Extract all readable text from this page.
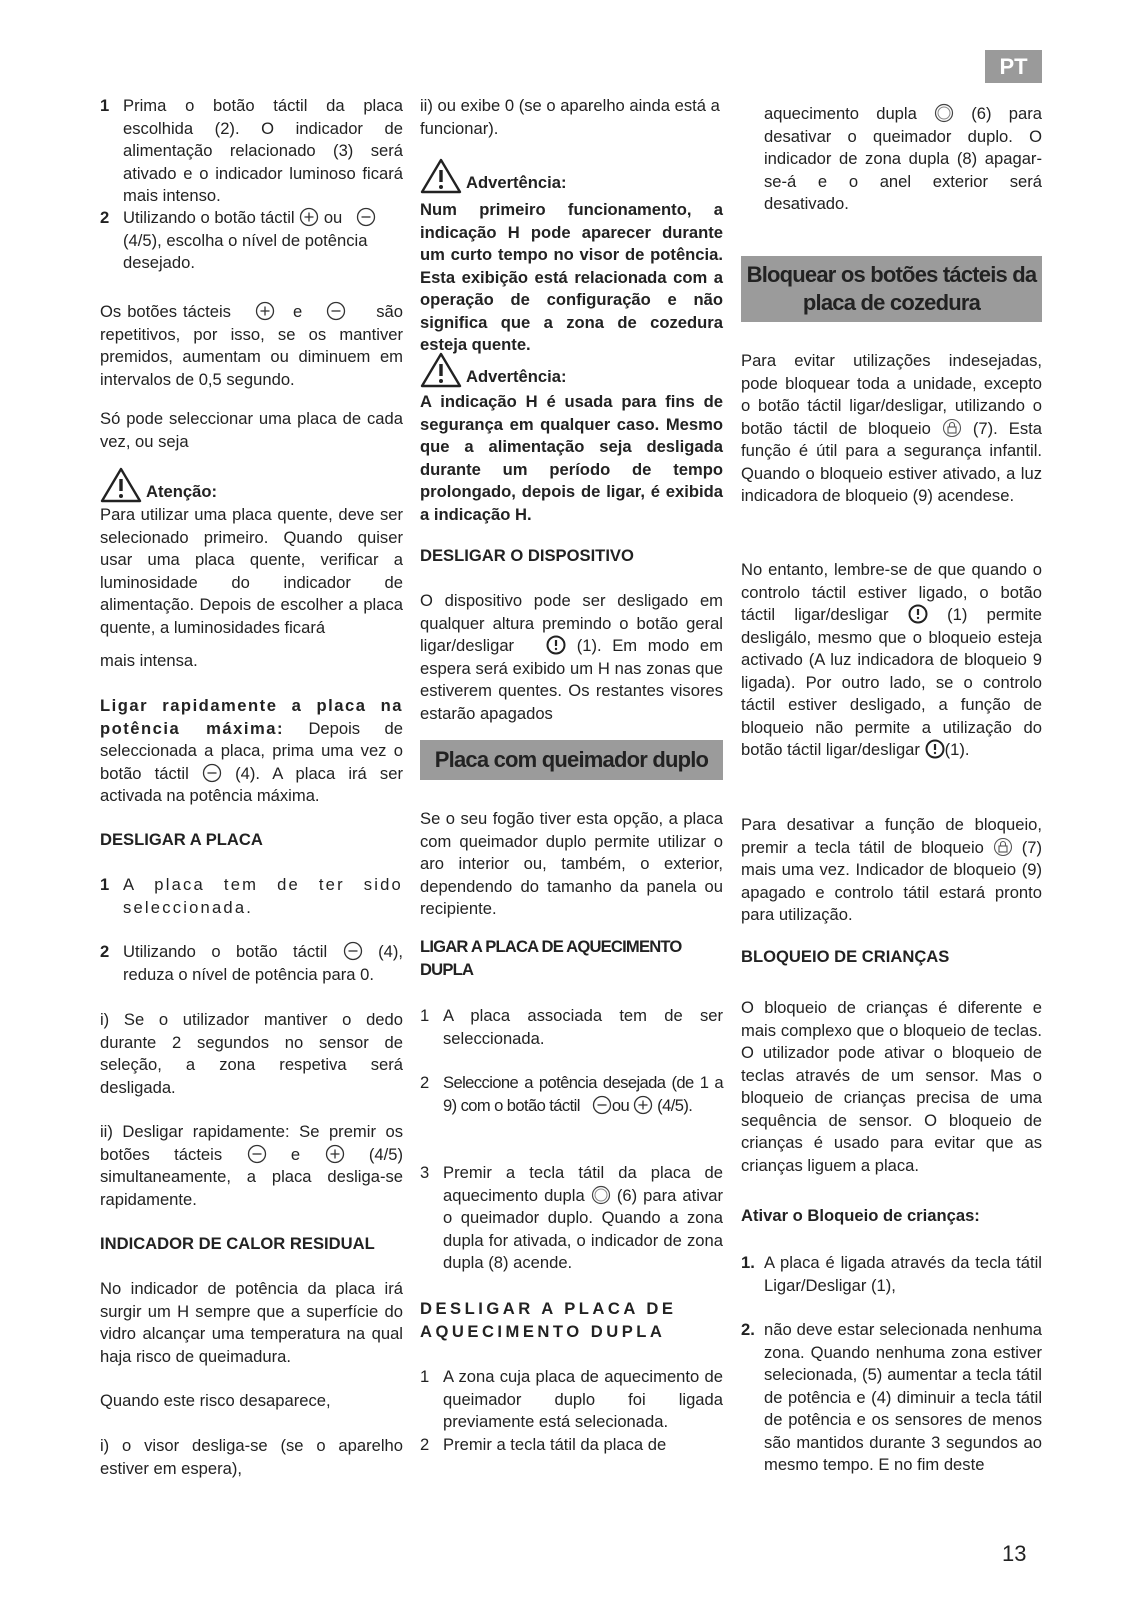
PT
1 Prima o botão táctil da placa escolhida (2). O indicador de alimentação relacionado (3) será ativado e o indicador luminoso ficará mais intenso.
2 Utilizando o botão táctil ou    (4/5), escolha o nível de potência desejado.

Os botões tácteis	e	são repetitivos, por isso, se os mantiver premidos, aumentam ou diminuem em intervalos de 0,5 segundo.

Só pode seleccionar uma placa de cada vez, ou seja

Atenção:

Para utilizar uma placa quente, deve ser selecionado primeiro. Quando quiser usar uma placa quente, verificar a luminosidade do indicador de alimentação. Depois de escolher a placa quente, a luminosidades ficará

mais intensa.

Ligar rapidamente a placa na potência máxima: Depois de seleccionada a placa, prima uma vez o botão táctil	(4). A placa irá ser activada na potência máxima.

DESLIGAR A PLACA

1 A placa tem de ter sido seleccionada.
2 Utilizando o botão táctil	(4), reduza o nível de potência para 0.

i) Se o utilizador mantiver o dedo durante 2 segundos no sensor de seleção, a zona respetiva será desligada.

ii) Desligar rapidamente: Se premir os botões tácteis	e	(4/5) simultaneamente, a placa desliga-se rapidamente.

INDICADOR DE CALOR RESIDUAL

No indicador de potência da placa irá surgir um H sempre que a superfície do vidro alcançar uma temperatura na qual haja risco de queimadura.

Quando este risco desaparece,

i) o visor desliga-se (se o aparelho estiver em espera),

ii) ou exibe 0 (se o aparelho ainda está a funcionar).

Advertência:

Num primeiro funcionamento, a indicação H pode aparecer durante um curto tempo no visor de potência. Esta exibição está relacionada com a operação de configuração e não significa que a zona de cozedura esteja quente.

Advertência:

A indicação H é usada para fins de segurança em qualquer caso. Mesmo que a alimentação seja desligada durante um período de tempo prolongado, depois de ligar, é exibida a indicação H.

DESLIGAR O DISPOSITIVO

O dispositivo pode ser desligado em qualquer altura premindo o botão geral ligar/desligar	(1). Em modo em espera será exibido um H nas zonas que estiverem quentes. Os restantes visores estarão apagados

Placa com queimador duplo

Se o seu fogão tiver esta opção, a placa com queimador duplo permite utilizar o aro interior ou, também, o exterior, dependendo do tamanho da panela ou recipiente.

LIGAR A PLACA DE AQUECIMENTO DUPLA

1 A placa associada tem de ser seleccionada.
2 Seleccione a potência desejada (de 1 a 9) com o botão táctil ou (4/5).
3 Premir a tecla tátil da placa de aquecimento dupla (6) para ativar o queimador duplo. Quando a zona dupla for ativada, o indicador de zona dupla (8) acende.

DESLIGAR A PLACA DE AQUECIMENTO DUPLA

1 A zona cuja placa de aquecimento de queimador duplo foi ligada previamente está selecionada.
2 Premir a tecla tátil da placa de

aquecimento dupla	(6) para desativar o queimador duplo. O indicador de zona dupla (8) apagar-se-á e o anel exterior será desativado.

Bloquear os botões tácteis da placa de cozedura

Para evitar utilizações indesejadas, pode bloquear toda a unidade, excepto o botão táctil ligar/desligar, utilizando o botão táctil de bloqueio	(7). Esta função é útil para a segurança infantil. Quando o bloqueio estiver ativado, a luz indicadora de bloqueio (9) acendese.

No entanto, lembre-se de que quando o controlo táctil estiver ligado, o botão táctil ligar/desligar	(1) permite desligálo, mesmo que o bloqueio esteja activado (A luz indicadora de bloqueio 9 ligada). Por outro lado, se o controlo táctil estiver desligado, a função de bloqueio não permite a utilização do botão táctil ligar/desligar (1).

Para desativar a função de bloqueio, premir a tecla tátil de bloqueio (7) mais uma vez. Indicador de bloqueio (9) apagado e controlo tátil estará pronto para utilização.

BLOQUEIO DE CRIANÇAS

O bloqueio de crianças é diferente e mais complexo que o bloqueio de teclas. O utilizador pode ativar o bloqueio de teclas através de um sensor. Mas o bloqueio de crianças precisa de uma sequência de sensor. O bloqueio de crianças é usado para evitar que as crianças liguem a placa.

Ativar o Bloqueio de crianças:

1. A placa é ligada através da tecla tátil Ligar/Desligar (1),
2. não deve estar selecionada nenhuma zona. Quando nenhuma zona estiver selecionada, (5) aumentar a tecla tátil de potência e (4) diminuir a tecla tátil de potência e os sensores de menos são mantidos durante 3 segundos ao mesmo tempo. E no fim deste
13
